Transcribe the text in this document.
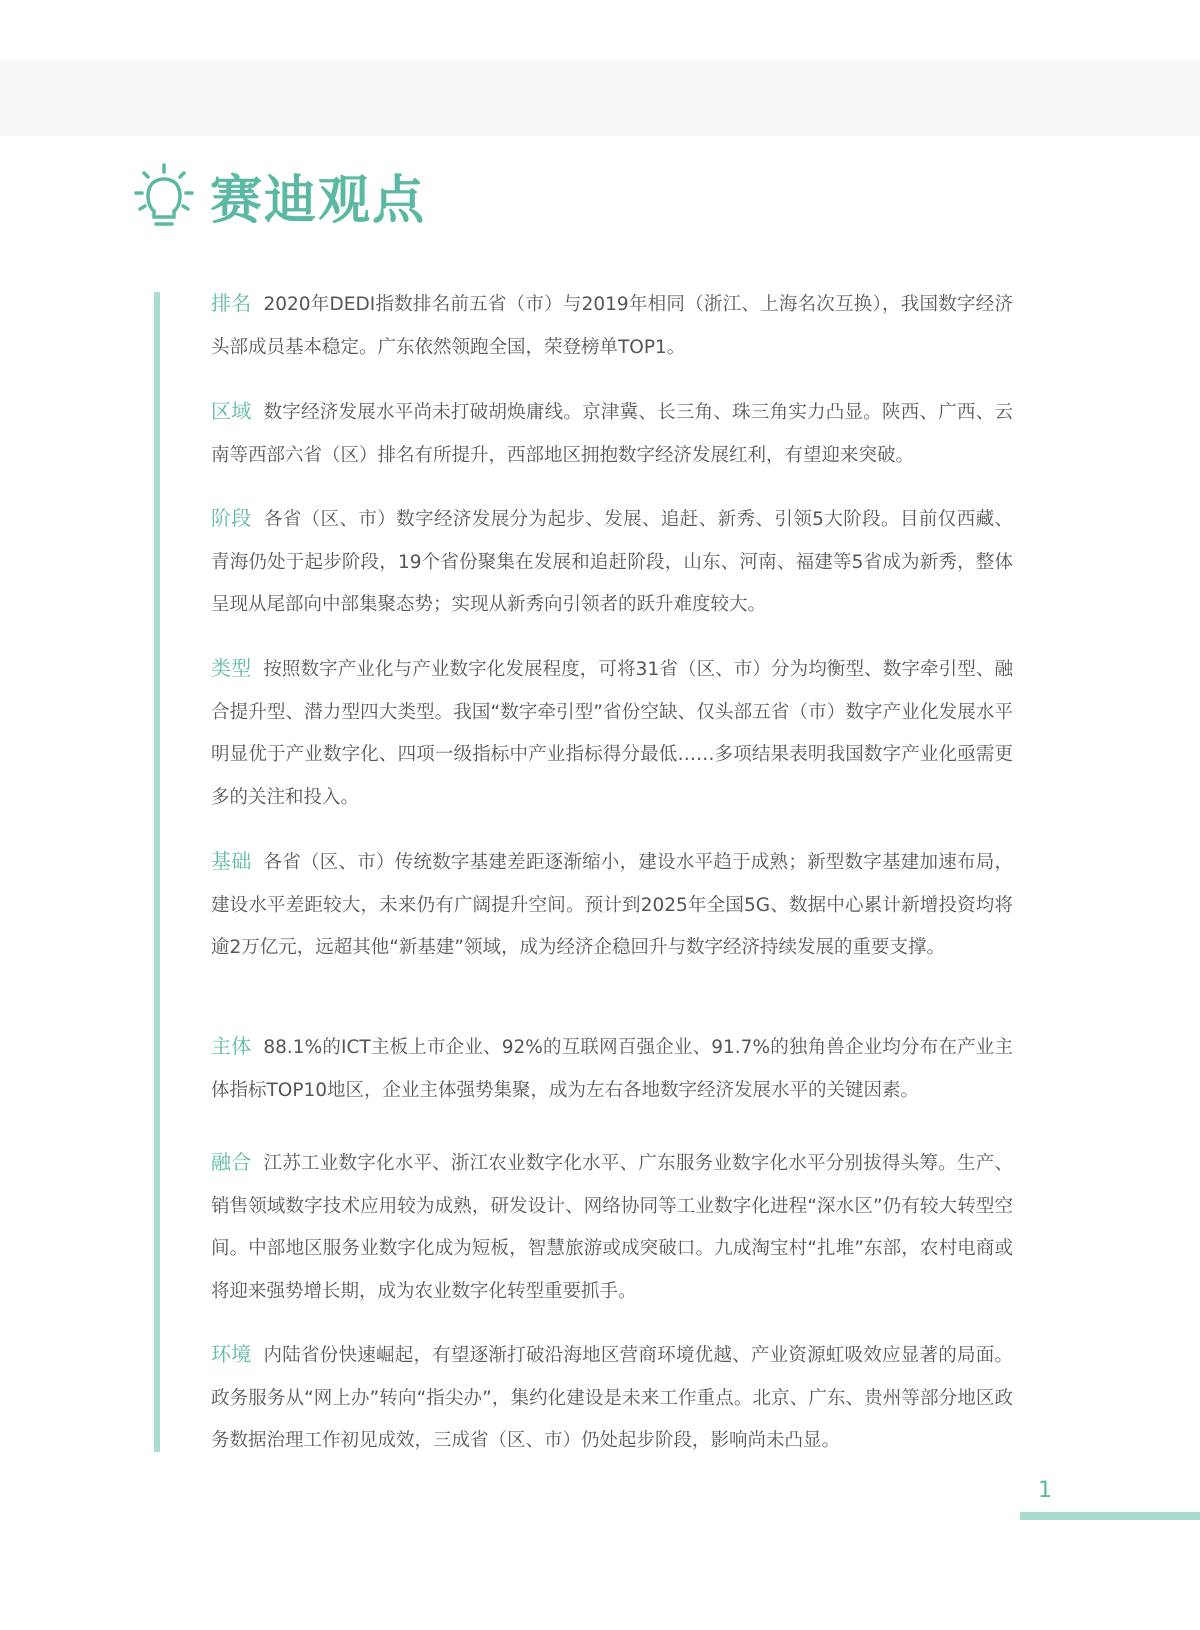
赛迪观点
排名 2020年DEDI指数排名前五省（市）与2019年相同（浙江、上海名次互换），我国数字经济头部成员基本稳定。广东依然领跑全国，荣登榜单TOP1。
区域 数字经济发展水平尚未打破胡焕庸线。京津冀、长三角、珠三角实力凸显。陕西、广西、云南等西部六省（区）排名有所提升，西部地区拥抱数字经济发展红利，有望迎来突破。
阶段 各省（区、市）数字经济发展分为起步、发展、追赶、新秀、引领5大阶段。目前仅西藏、青海仍处于起步阶段，19个省份聚集在发展和追赶阶段，山东、河南、福建等5省成为新秀，整体呈现从尾部向中部集聚态势；实现从新秀向引领者的跃升难度较大。
类型 按照数字产业化与产业数字化发展程度，可将31省（区、市）分为均衡型、数字牵引型、融合提升型、潜力型四大类型。我国“数字牵引型”省份空缺、仅头部五省（市）数字产业化发展水平明显优于产业数字化、四项一级指标中产业指标得分最低……多项结果表明我国数字产业化亟需更多的关注和投入。
基础 各省（区、市）传统数字基建差距逐渐缩小，建设水平趋于成熟；新型数字基建加速布局，建设水平差距较大，未来仍有广阔提升空间。预计到2025年全国5G、数据中心累计新增投资均将逾2万亿元，远超其他“新基建”领域，成为经济企稳回升与数字经济持续发展的重要支撑。
主体 88.1%的ICT主板上市企业、92%的互联网百强企业、91.7%的独角兽企业均分布在产业主体指标TOP10地区，企业主体强势集聚，成为左右各地数字经济发展水平的关键因素。
融合 江苏工业数字化水平、浙江农业数字化水平、广东服务业数字化水平分别拔得头筹。生产、销售领域数字技术应用较为成熟，研发设计、网络协同等工业数字化进程“深水区”仍有较大转型空间。中部地区服务业数字化成为短板，智慧旅游或成突破口。九成淘宝村“扎堆”东部，农村电商或将迎来强势增长期，成为农业数字化转型重要抓手。
环境 内陆省份快速崛起，有望逐渐打破沿海地区营商环境优越、产业资源虹吸效应显著的局面。政务服务从“网上办”转向“指尖办”，集约化建设是未来工作重点。北京、广东、贵州等部分地区政务数据治理工作初见成效，三成省（区、市）仍处起步阶段，影响尚未凸显。
1
